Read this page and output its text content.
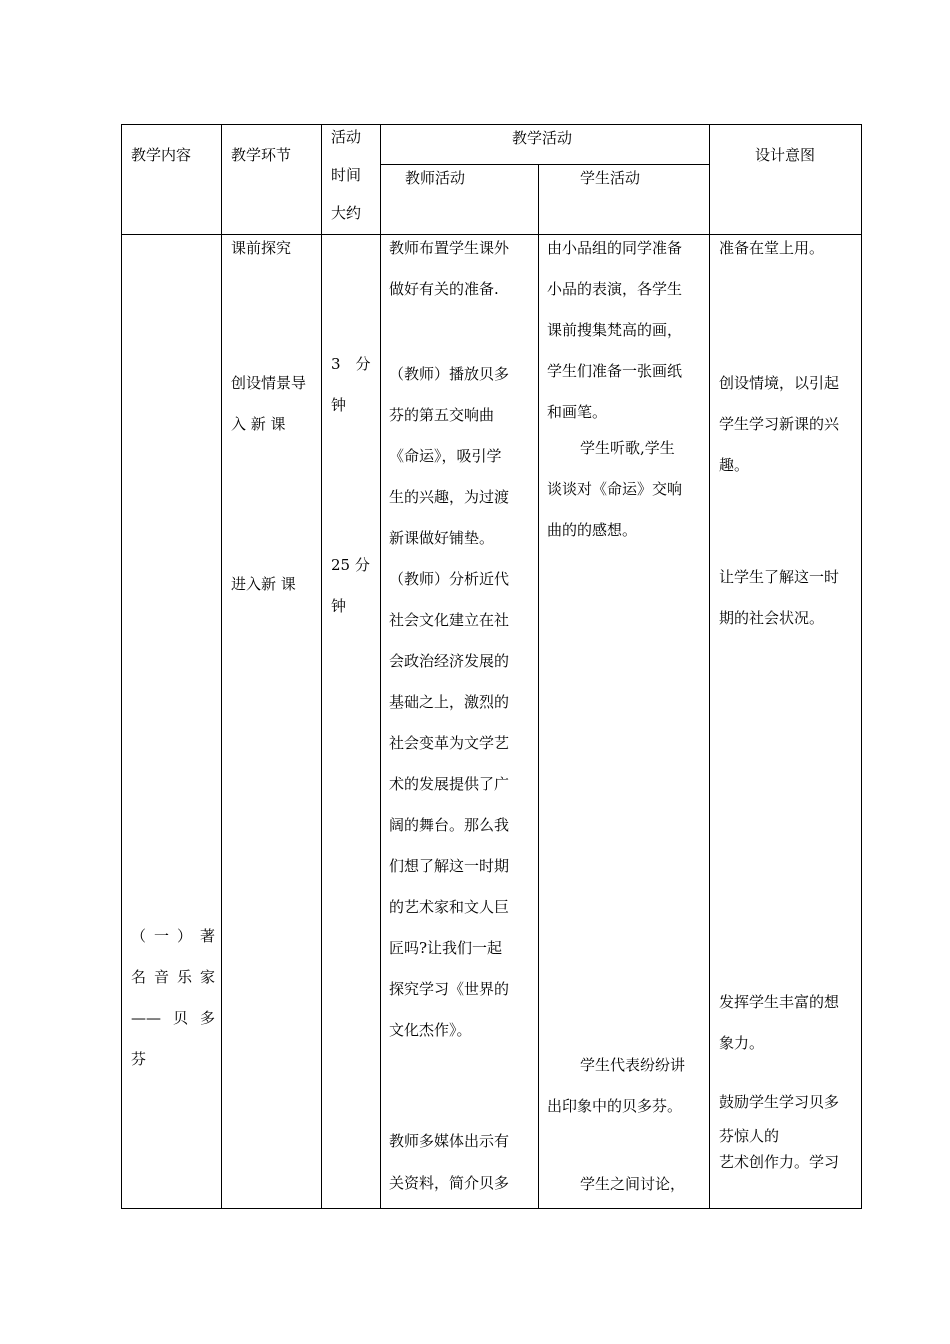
教学内容	教学环节
活动
时间
大约
教学活动
教师活动	学生活动
设计意图
（一）著
名音乐家
——贝多
芬
课前探究
创设情景导
入 新 课
进入新 课
3　分
钟
25 分
钟
教师布置学生课外
做好有关的准备.
（教师）播放贝多
芬的第五交响曲
《命运》，吸引学
生的兴趣，为过渡
新课做好铺垫。
（教师）分析近代
社会文化建立在社
会政治经济发展的
基础之上，激烈的
社会变革为文学艺
术的发展提供了广
阔的舞台。那么我
们想了解这一时期
的艺术家和文人巨
匠吗?让我们一起
探究学习《世界的
文化杰作》。
教师多媒体出示有
关资料，简介贝多
由小品组的同学准备
小品的表演，各学生
课前搜集梵高的画，
学生们准备一张画纸
和画笔。
学生听歌,学生
谈谈对《命运》交响
曲的的感想。
学生代表纷纷讲
出印象中的贝多芬。
学生之间讨论，
准备在堂上用。
创设情境，以引起
学生学习新课的兴
趣。
让学生了解这一时
期的社会状况。
发挥学生丰富的想
象力。
鼓励学生学习贝多
芬惊人的
艺术创作力。学习
